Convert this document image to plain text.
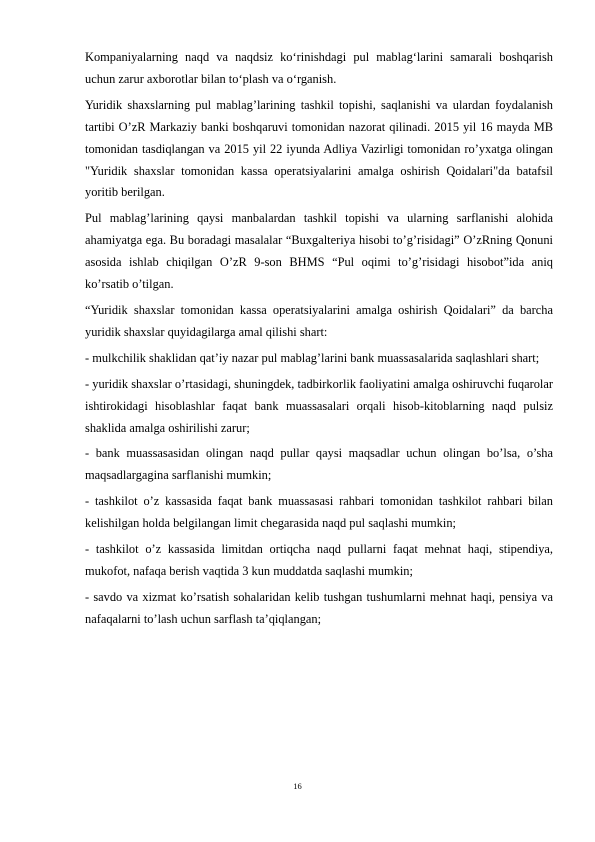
Kompaniyalarning naqd va naqdsiz ko‘rinishdagi pul mablag‘larini samarali boshqarish uchun zarur axborotlar bilan to‘plash va o‘rganish.

Yuridik shaxslarning pul mablag’larining tashkil topishi, saqlanishi va ulardan foydalanish tartibi O’zR Markaziy banki boshqaruvi tomonidan nazorat qilinadi. 2015 yil 16 mayda MB tomonidan tasdiqlangan va 2015 yil 22 iyunda Adliya Vazirligi tomonidan ro’yxatga olingan "Yuridik shaxslar tomonidan kassa operatsiyalarini amalga oshirish Qoidalari"da batafsil yoritib berilgan.

Pul mablag’larining qaysi manbalardan tashkil topishi va ularning sarflanishi alohida ahamiyatga ega. Bu boradagi masalalar “Buxgalteriya hisobi to’g’risidagi” O’zRning Qonuni asosida ishlab chiqilgan O’zR 9-son BHMS “Pul oqimi to’g’risidagi hisobot”ida aniq ko’rsatib o’tilgan.

“Yuridik shaxslar tomonidan kassa operatsiyalarini amalga oshirish Qoidalari” da barcha yuridik shaxslar quyidagilarga amal qilishi shart:

- mulkchilik shaklidan qat’iy nazar pul mablag’larini bank muassasalarida saqlashlari shart;

- yuridik shaxslar o’rtasidagi, shuningdek, tadbirkorlik faoliyatini amalga oshiruvchi fuqarolar ishtirokidagi hisoblashlar faqat bank muassasalari orqali hisob-kitoblarning naqd pulsiz shaklida amalga oshirilishi zarur;

- bank muassasasidan olingan naqd pullar qaysi maqsadlar uchun olingan bo’lsa, o’sha maqsadlargagina sarflanishi mumkin;

- tashkilot o’z kassasida faqat bank muassasasi rahbari tomonidan tashkilot rahbari bilan kelishilgan holda belgilangan limit chegarasida naqd pul saqlashi mumkin;

- tashkilot o’z kassasida limitdan ortiqcha naqd pullarni faqat mehnat haqi, stipendiya, mukofot, nafaqa berish vaqtida 3 kun muddatda saqlashi mumkin;

- savdo va xizmat ko’rsatish sohalaridan kelib tushgan tushumlarni mehnat haqi, pensiya va nafaqalarni to’lash uchun sarflash ta’qiqlangan;

16
